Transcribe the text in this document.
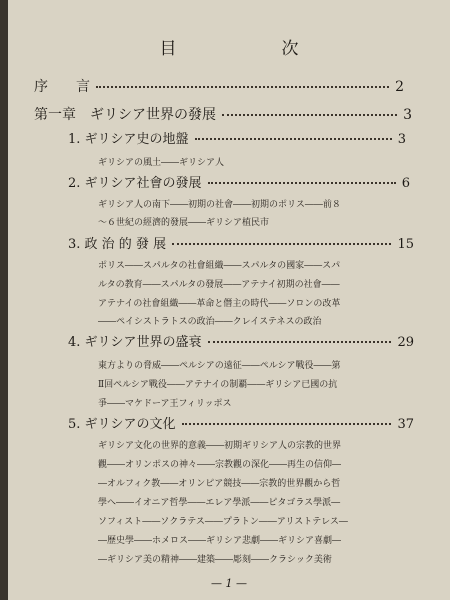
目　次
序　　言	2
第一章　ギリシア世界の發展	3
1. ギリシア史の地盤	3
ギリシアの風土――ギリシア人
2. ギリシア社會の發展	6
ギリシア人の南下――初期の社會――初期のポリス――前８
～６世紀の經濟的發展――ギリシア植民市
3. 政 治 的 發 展	15
ポリス――スパルタの社會組織――スパルタの國家――スパ
ルタの教育――スパルタの發展――アテナイ初期の社會――
アテナイの社會組織――革命と僭主の時代――ソロンの改革
――ペイシストラトスの政治――クレイステネスの政治
4. ギリシア世界の盛衰	29
東方よりの脅威――ペルシアの遠征――ペルシア戰役――第
Ⅱ回ペルシア戰役――アテナイの制覇――ギリシア已國の抗
爭――マケドーア王フィリッポス
5. ギリシアの文化	37
ギリシア文化の世界的意義――初期ギリシア人の宗教的世界
觀――オリンポスの神々――宗教觀の深化――再生の信仰―
―オルフィク教――オリンピア競技――宗教的世界觀から哲
學へ――イオニア哲學――エレア學派――ピタゴラス學派―
ソフィスト――ソクラテス――プラトン――アリストテレス―
―歷史學――ホメロス――ギリシア悲劇――ギリシア喜劇―
―ギリシア美の精神――建築――彫刻――クラシック美術
— 1 —
